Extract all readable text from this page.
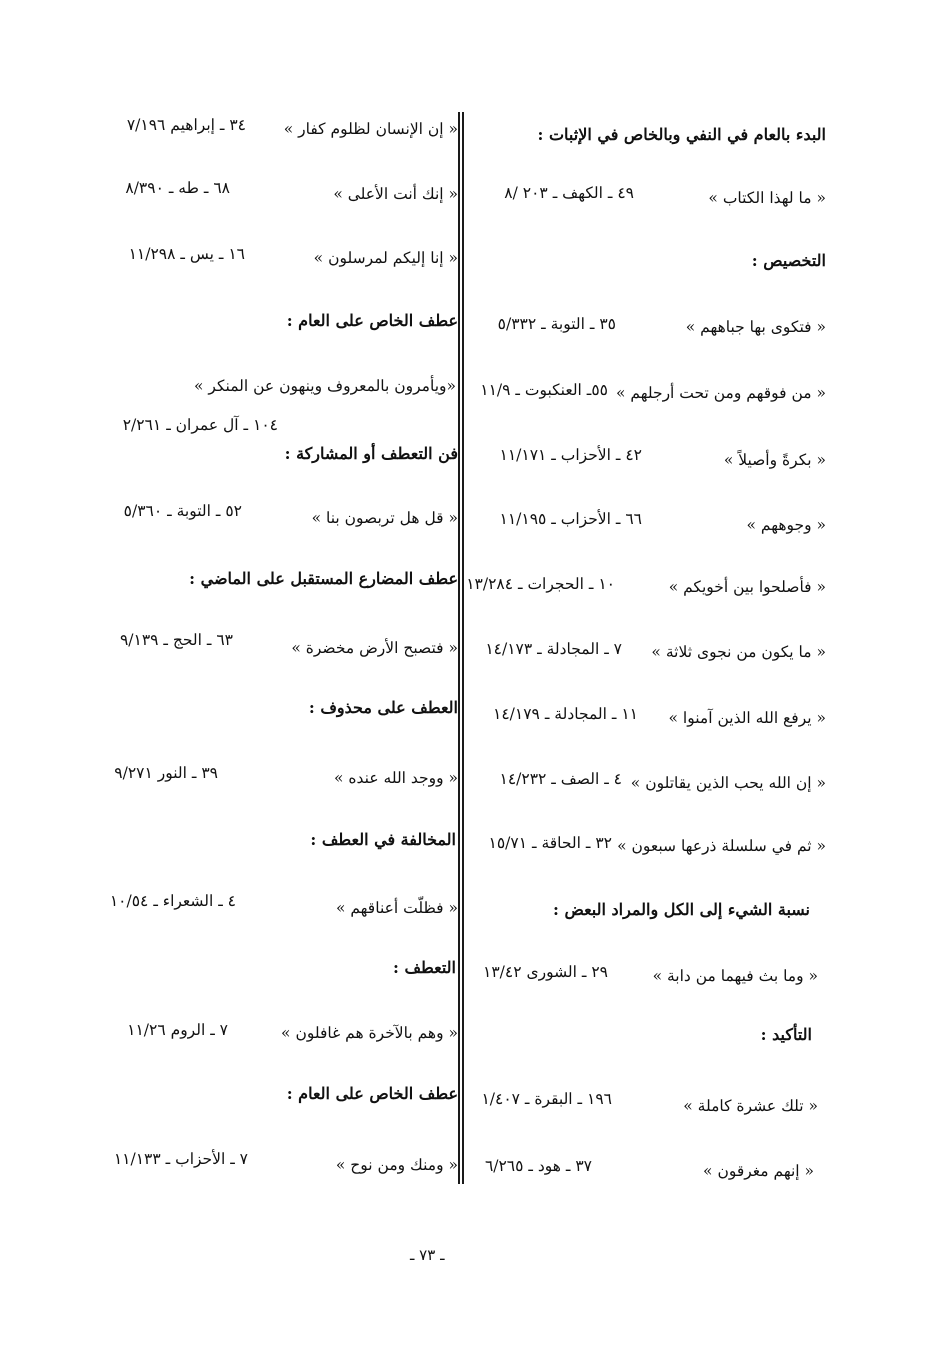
البدء بالعام في النفي وبالخاص في الإثبات :
« ما لهذا الكتاب »
٤٩ ـ الكهف ـ ٢٠٣ /٨
التخصيص :
« فتكوى بها جباههم »
٣٥ ـ التوبة ـ ٥/٣٣٢
« من فوقهم ومن تحت أرجلهم »
٥٥ـ العنكبوت ـ ١١/٩
« بكرةً وأصيلاً »
٤٢ ـ الأحزاب ـ ١١/١٧١
« وجوههم »
٦٦ ـ الأحزاب ـ ١١/١٩٥
« فأصلحوا بين أخويكم »
١٠ ـ الحجرات ـ ١٣/٢٨٤
« ما يكون من نجوى ثلاثة »
٧ ـ المجادلة ـ ١٤/١٧٣
« يرفع الله الذين آمنوا »
١١ ـ المجادلة ـ ١٤/١٧٩
« إن الله يحب الذين يقاتلون »
٤ ـ الصف ـ ١٤/٢٣٢
« ثم في سلسلة ذرعها سبعون »
٣٢ ـ الحاقة ـ ١٥/٧١
نسبة الشيء إلى الكل والمراد البعض :
« وما بث فيهما من دابة »
٢٩ ـ الشورى ١٣/٤٢
التأكيد :
« تلك عشرة كاملة »
١٩٦ ـ البقرة ـ ١/٤٠٧
« إنهم مغرقون »
٣٧ ـ هود ـ ٦/٢٦٥
« إن الإنسان لظلوم كفار »
٣٤ ـ إبراهيم ٧/١٩٦
« إنك أنت الأعلى »
٦٨ ـ طه ـ ٨/٣٩٠
« إنا إليكم لمرسلون »
١٦ ـ يس ـ ١١/٢٩٨
عطف الخاص على العام :
«ويأمرون بالمعروف وينهون عن المنكر »
١٠٤ ـ آل عمران ـ ٢/٢٦١
فن التعطف أو المشاركة :
« قل هل تربصون بنا »
٥٢ ـ التوبة ـ ٥/٣٦٠
عطف المضارع المستقبل على الماضي :
« فتصبح الأرض مخضرة »
٦٣ ـ الحج ـ ٩/١٣٩
العطف على محذوف :
« ووجد الله عنده »
٣٩ ـ النور ٩/٢٧١
المخالفة في العطف :
« فظلّت أعناقهم »
٤ ـ الشعراء ـ ١٠/٥٤
التعطف :
« وهم بالآخرة هم غافلون »
٧ ـ الروم ١١/٢٦
عطف الخاص على العام :
« ومنك ومن نوح »
٧ ـ الأحزاب ـ ١١/١٣٣
ـ ٧٣ ـ
